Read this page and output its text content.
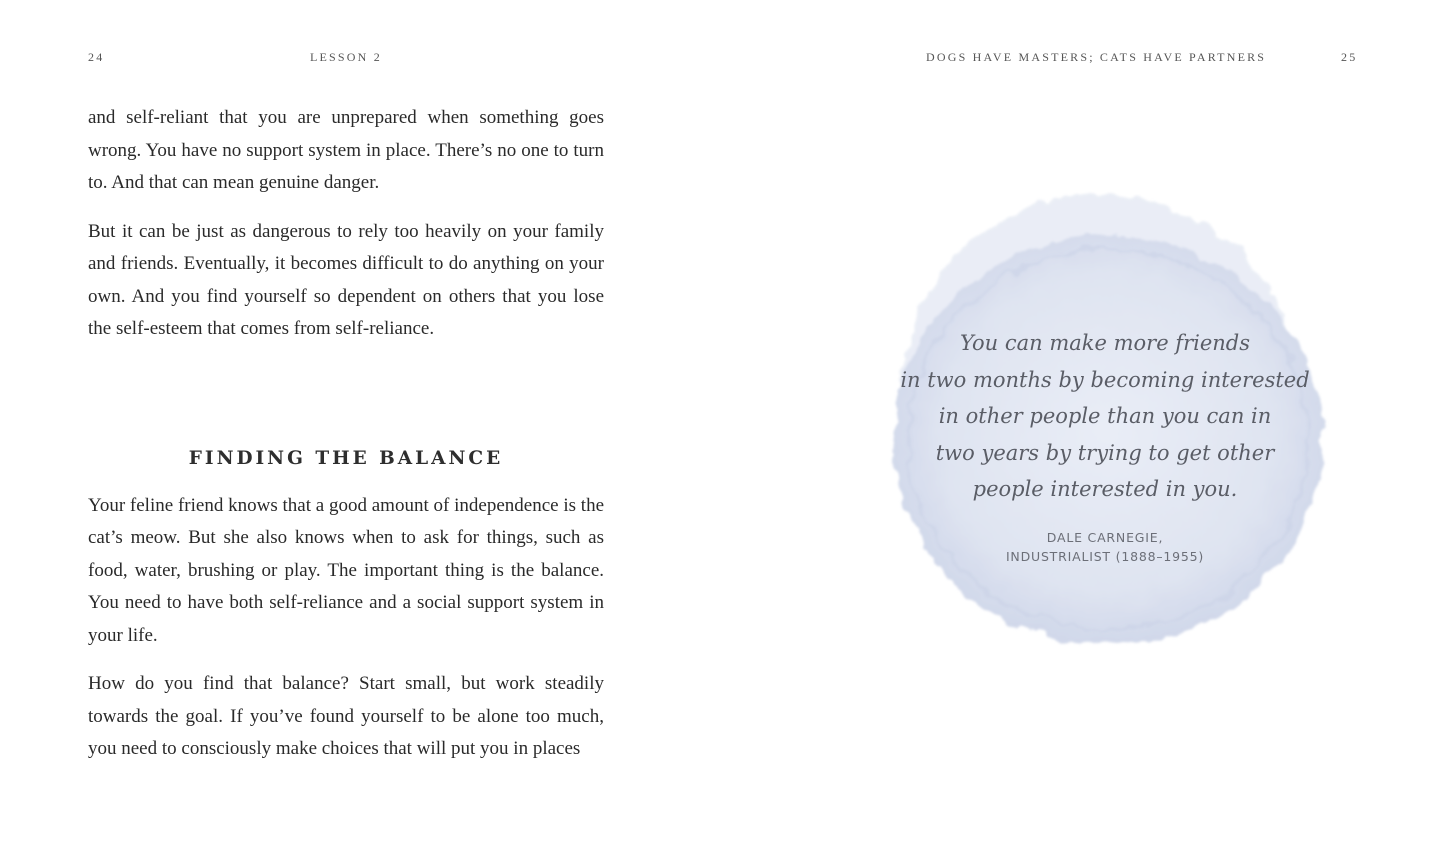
24	LESSON 2	DOGS HAVE MASTERS; CATS HAVE PARTNERS	25

and self-reliant that you are unprepared when something goes wrong. You have no support system in place. There’s no one to turn to. And that can mean genuine danger.

But it can be just as dangerous to rely too heavily on your family and friends. Eventually, it becomes difficult to do anything on your own. And you find yourself so dependent on others that you lose the self-esteem that comes from self-reliance.

FINDING THE BALANCE

Your feline friend knows that a good amount of independence is the cat’s meow. But she also knows when to ask for things, such as food, water, brushing or play. The important thing is the balance. You need to have both self-reliance and a social support system in your life.

How do you find that balance? Start small, but work steadily towards the goal. If you’ve found yourself to be alone too much, you need to consciously make choices that will put you in places

You can make more friends
in two months by becoming interested
in other people than you can in
two years by trying to get other
people interested in you.
DALE CARNEGIE,
INDUSTRIALIST (1888–1955)
